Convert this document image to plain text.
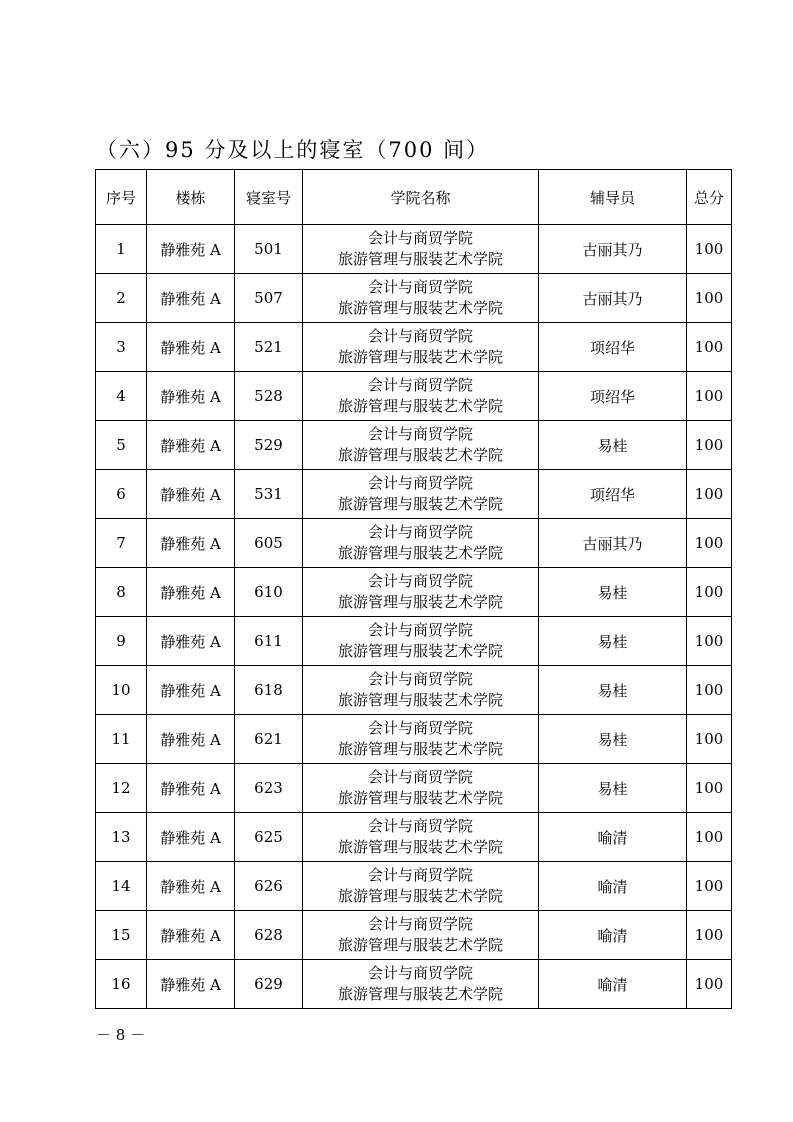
（六）95 分及以上的寝室（700 间）
序号	楼栋	寝室号	学院名称	辅导员	总分
1	静雅苑 A	501	会计与商贸学院
旅游管理与服装艺术学院	古丽其乃	100
2	静雅苑 A	507	会计与商贸学院
旅游管理与服装艺术学院	古丽其乃	100
3	静雅苑 A	521	会计与商贸学院
旅游管理与服装艺术学院	项绍华	100
4	静雅苑 A	528	会计与商贸学院
旅游管理与服装艺术学院	项绍华	100
5	静雅苑 A	529	会计与商贸学院
旅游管理与服装艺术学院	易桂	100
6	静雅苑 A	531	会计与商贸学院
旅游管理与服装艺术学院	项绍华	100
7	静雅苑 A	605	会计与商贸学院
旅游管理与服装艺术学院	古丽其乃	100
8	静雅苑 A	610	会计与商贸学院
旅游管理与服装艺术学院	易桂	100
9	静雅苑 A	611	会计与商贸学院
旅游管理与服装艺术学院	易桂	100
10	静雅苑 A	618	会计与商贸学院
旅游管理与服装艺术学院	易桂	100
11	静雅苑 A	621	会计与商贸学院
旅游管理与服装艺术学院	易桂	100
12	静雅苑 A	623	会计与商贸学院
旅游管理与服装艺术学院	易桂	100
13	静雅苑 A	625	会计与商贸学院
旅游管理与服装艺术学院	喻清	100
14	静雅苑 A	626	会计与商贸学院
旅游管理与服装艺术学院	喻清	100
15	静雅苑 A	628	会计与商贸学院
旅游管理与服装艺术学院	喻清	100
16	静雅苑 A	629	会计与商贸学院
旅游管理与服装艺术学院	喻清	100
－ 8 －
